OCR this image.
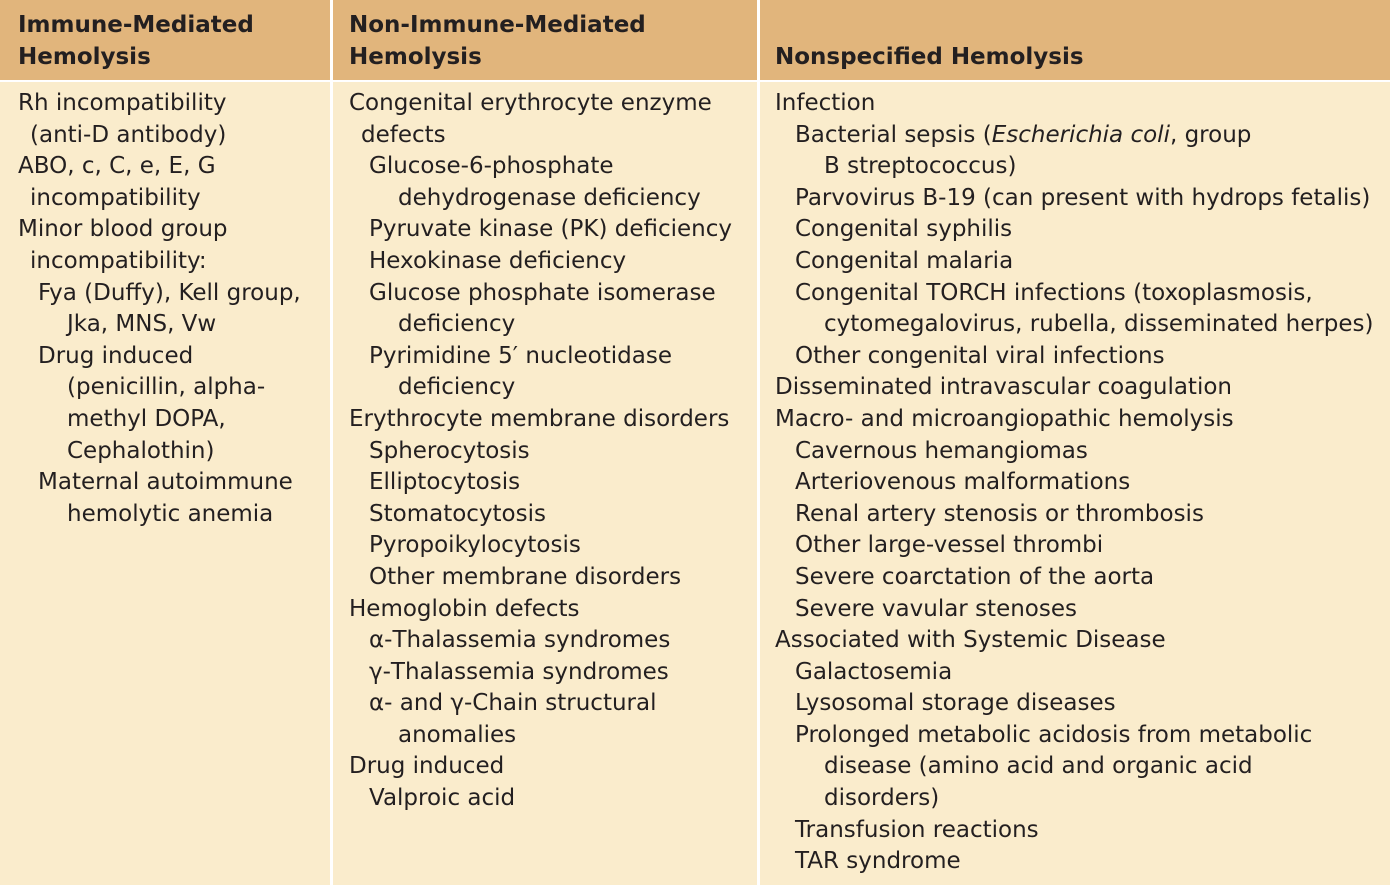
Immune-Mediated
Hemolysis
Non-Immune-Mediated
Hemolysis	Nonspecified Hemolysis
Rh incompatibility
(anti-D antibody)
ABO, c, C, e, E, G
incompatibility
Minor blood group
incompatibility:
Fya (Duffy), Kell group,
Jka, MNS, Vw
Drug induced
(penicillin, alpha-
methyl DOPA,
Cephalothin)
Maternal autoimmune
hemolytic anemia
Congenital erythrocyte enzyme
defects
Glucose-6-phosphate
dehydrogenase deficiency
Pyruvate kinase (PK) deficiency
Hexokinase deficiency
Glucose phosphate isomerase
deficiency
Pyrimidine 5′ nucleotidase
deficiency
Erythrocyte membrane disorders
Spherocytosis
Elliptocytosis
Stomatocytosis
Pyropoikylocytosis
Other membrane disorders
Hemoglobin defects
α-Thalassemia syndromes
γ-Thalassemia syndromes
α- and γ-Chain structural
anomalies
Drug induced
Valproic acid
Infection
Bacterial sepsis (Escherichia coli, group
B streptococcus)
Parvovirus B-19 (can present with hydrops fetalis)
Congenital syphilis
Congenital malaria
Congenital TORCH infections (toxoplasmosis,
cytomegalovirus, rubella, disseminated herpes)
Other congenital viral infections
Disseminated intravascular coagulation
Macro- and microangiopathic hemolysis
Cavernous hemangiomas
Arteriovenous malformations
Renal artery stenosis or thrombosis
Other large-vessel thrombi
Severe coarctation of the aorta
Severe vavular stenoses
Associated with Systemic Disease
Galactosemia
Lysosomal storage diseases
Prolonged metabolic acidosis from metabolic
disease (amino acid and organic acid
disorders)
Transfusion reactions
TAR syndrome
